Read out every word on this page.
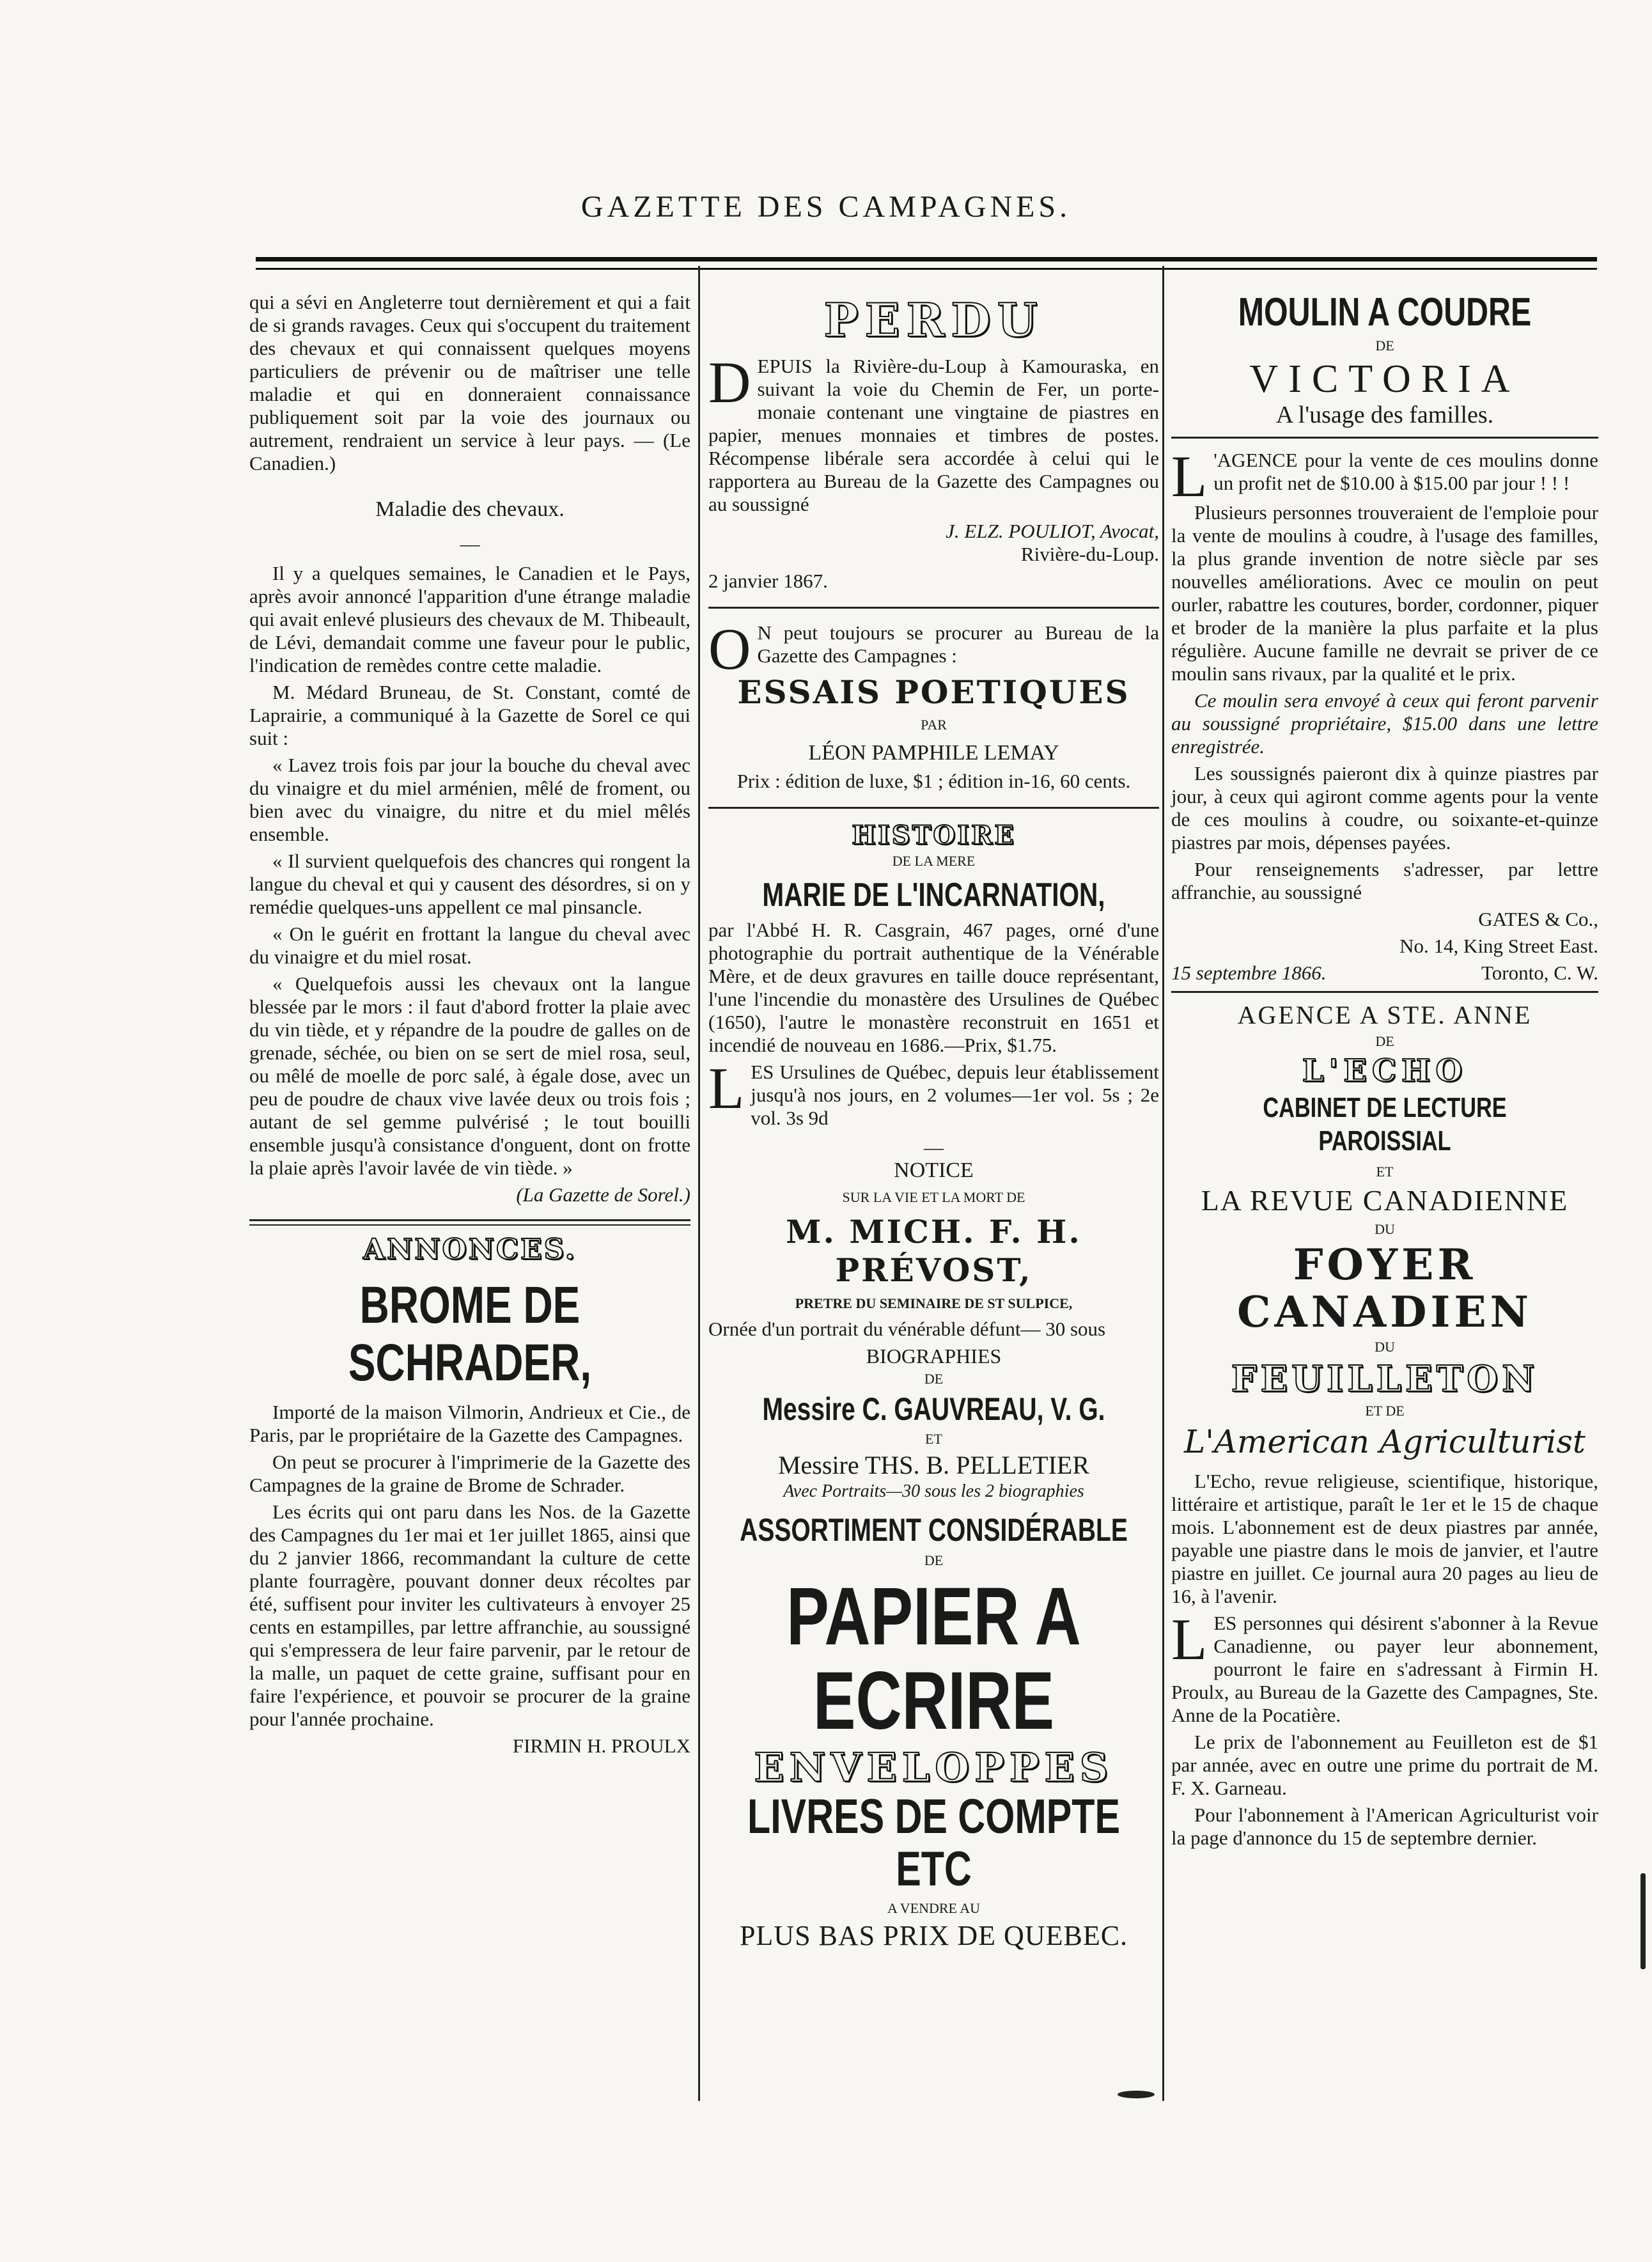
GAZETTE DES CAMPAGNES.

qui a sévi en Angleterre tout dernièrement et qui a fait de si grands ravages. Ceux qui s'occupent du traitement des chevaux et qui connaissent quelques moyens particuliers de prévenir ou de maîtriser une telle maladie et qui en donneraient connaissance publiquement soit par la voie des journaux ou autrement, rendraient un service à leur pays. — (Le Canadien.)

Maladie des chevaux.
—

Il y a quelques semaines, le Canadien et le Pays, après avoir annoncé l'apparition d'une étrange maladie qui avait enlevé plusieurs des chevaux de M. Thibeault, de Lévi, demandait comme une faveur pour le public, l'indication de remèdes contre cette maladie.

M. Médard Bruneau, de St. Constant, comté de Laprairie, a communiqué à la Gazette de Sorel ce qui suit :

« Lavez trois fois par jour la bouche du cheval avec du vinaigre et du miel arménien, mêlé de froment, ou bien avec du vinaigre, du nitre et du miel mêlés ensemble.

« Il survient quelquefois des chancres qui rongent la langue du cheval et qui y causent des désordres, si on y remédie quelques-uns appellent ce mal pinsancle.

« On le guérit en frottant la langue du cheval avec du vinaigre et du miel rosat.

« Quelquefois aussi les chevaux ont la langue blessée par le mors : il faut d'abord frotter la plaie avec du vin tiède, et y répandre de la poudre de galles on de grenade, séchée, ou bien on se sert de miel rosa, seul, ou mêlé de moelle de porc salé, à égale dose, avec un peu de poudre de chaux vive lavée deux ou trois fois ; autant de sel gemme pulvérisé ; le tout bouilli ensemble jusqu'à consistance d'onguent, dont on frotte la plaie après l'avoir lavée de vin tiède. »

(La Gazette de Sorel.)

ANNONCES.
BROME DE SCHRADER,

Importé de la maison Vilmorin, Andrieux et Cie., de Paris, par le propriétaire de la Gazette des Campagnes.

On peut se procurer à l'imprimerie de la Gazette des Campagnes de la graine de Brome de Schrader.

Les écrits qui ont paru dans les Nos. de la Gazette des Campagnes du 1er mai et 1er juillet 1865, ainsi que du 2 janvier 1866, recommandant la culture de cette plante fourragère, pouvant donner deux récoltes par été, suffisent pour inviter les cultivateurs à envoyer 25 cents en estampilles, par lettre affranchie, au soussigné qui s'empressera de leur faire parvenir, par le retour de la malle, un paquet de cette graine, suffisant pour en faire l'expérience, et pouvoir se procurer de la graine pour l'année prochaine.

FIRMIN H. PROULX

PERDU

DEPUIS la Rivière-du-Loup à Kamouraska, en suivant la voie du Chemin de Fer, un porte-monaie contenant une vingtaine de piastres en papier, menues monnaies et timbres de postes. Récompense libérale sera accordée à celui qui le rapportera au Bureau de la Gazette des Campagnes ou au soussigné

J. ELZ. POULIOT, Avocat,

Rivière-du-Loup.

2 janvier 1867.

O N peut toujours se procurer au Bureau de la Gazette des Campagnes :

ESSAIS POETIQUES
PAR
LÉON PAMPHILE LEMAY

Prix : édition de luxe, $1 ; édition in-16, 60 cents.

HISTOIRE
DE LA MERE
MARIE DE L'INCARNATION,

par l'Abbé H. R. Casgrain, 467 pages, orné d'une photographie du portrait authentique de la Vénérable Mère, et de deux gravures en taille douce représentant, l'une l'incendie du monastère des Ursulines de Québec (1650), l'autre le monastère reconstruit en 1651 et incendié de nouveau en 1686.—Prix, $1.75.

LES Ursulines de Québec, depuis leur établissement jusqu'à nos jours, en 2 volumes—1er vol. 5s ; 2e vol. 3s 9d

—
NOTICE
SUR LA VIE ET LA MORT DE
M. MICH. F. H. PRÉVOST,
PRETRE DU SEMINAIRE DE ST SULPICE,

Ornée d'un portrait du vénérable défunt— 30 sous

BIOGRAPHIES
DE
Messire C. GAUVREAU, V. G.
ET
Messire THS. B. PELLETIER
Avec Portraits—30 sous les 2 biographies
ASSORTIMENT CONSIDÉRABLE
DE
PAPIER A ECRIRE
ENVELOPPES
LIVRES DE COMPTE ETC
A VENDRE AU
PLUS BAS PRIX DE QUEBEC.
MOULIN A COUDRE
DE
VICTORIA
A l'usage des familles.

L 'AGENCE pour la vente de ces moulins donne un profit net de $10.00 à $15.00 par jour ! ! !

Plusieurs personnes trouveraient de l'emploie pour la vente de moulins à coudre, à l'usage des familles, la plus grande invention de notre siècle par ses nouvelles améliorations. Avec ce moulin on peut ourler, rabattre les coutures, border, cordonner, piquer et broder de la manière la plus parfaite et la plus régulière. Aucune famille ne devrait se priver de ce moulin sans rivaux, par la qualité et le prix.

Ce moulin sera envoyé à ceux qui feront parvenir au soussigné propriétaire, $15.00 dans une lettre enregistrée.

Les soussignés paieront dix à quinze piastres par jour, à ceux qui agiront comme agents pour la vente de ces moulins à coudre, ou soixante-et-quinze piastres par mois, dépenses payées.

Pour renseignements s'adresser, par lettre affranchie, au soussigné

GATES & Co.,

No. 14, King Street East.

15 septembre 1866.	Toronto, C. W.
AGENCE A STE. ANNE
DE
L'ECHO
CABINET DE LECTURE PAROISSIAL
ET
LA REVUE CANADIENNE
DU
FOYER CANADIEN
DU
FEUILLETON
ET DE
L'American Agriculturist

L'Echo, revue religieuse, scientifique, historique, littéraire et artistique, paraît le 1er et le 15 de chaque mois. L'abonnement est de deux piastres par année, payable une piastre dans le mois de janvier, et l'autre piastre en juillet. Ce journal aura 20 pages au lieu de 16, à l'avenir.

LES personnes qui désirent s'abonner à la Revue Canadienne, ou payer leur abonnement, pourront le faire en s'adressant à Firmin H. Proulx, au Bureau de la Gazette des Campagnes, Ste. Anne de la Pocatière.

Le prix de l'abonnement au Feuilleton est de $1 par année, avec en outre une prime du portrait de M. F. X. Garneau.

Pour l'abonnement à l'American Agriculturist voir la page d'annonce du 15 de septembre dernier.
